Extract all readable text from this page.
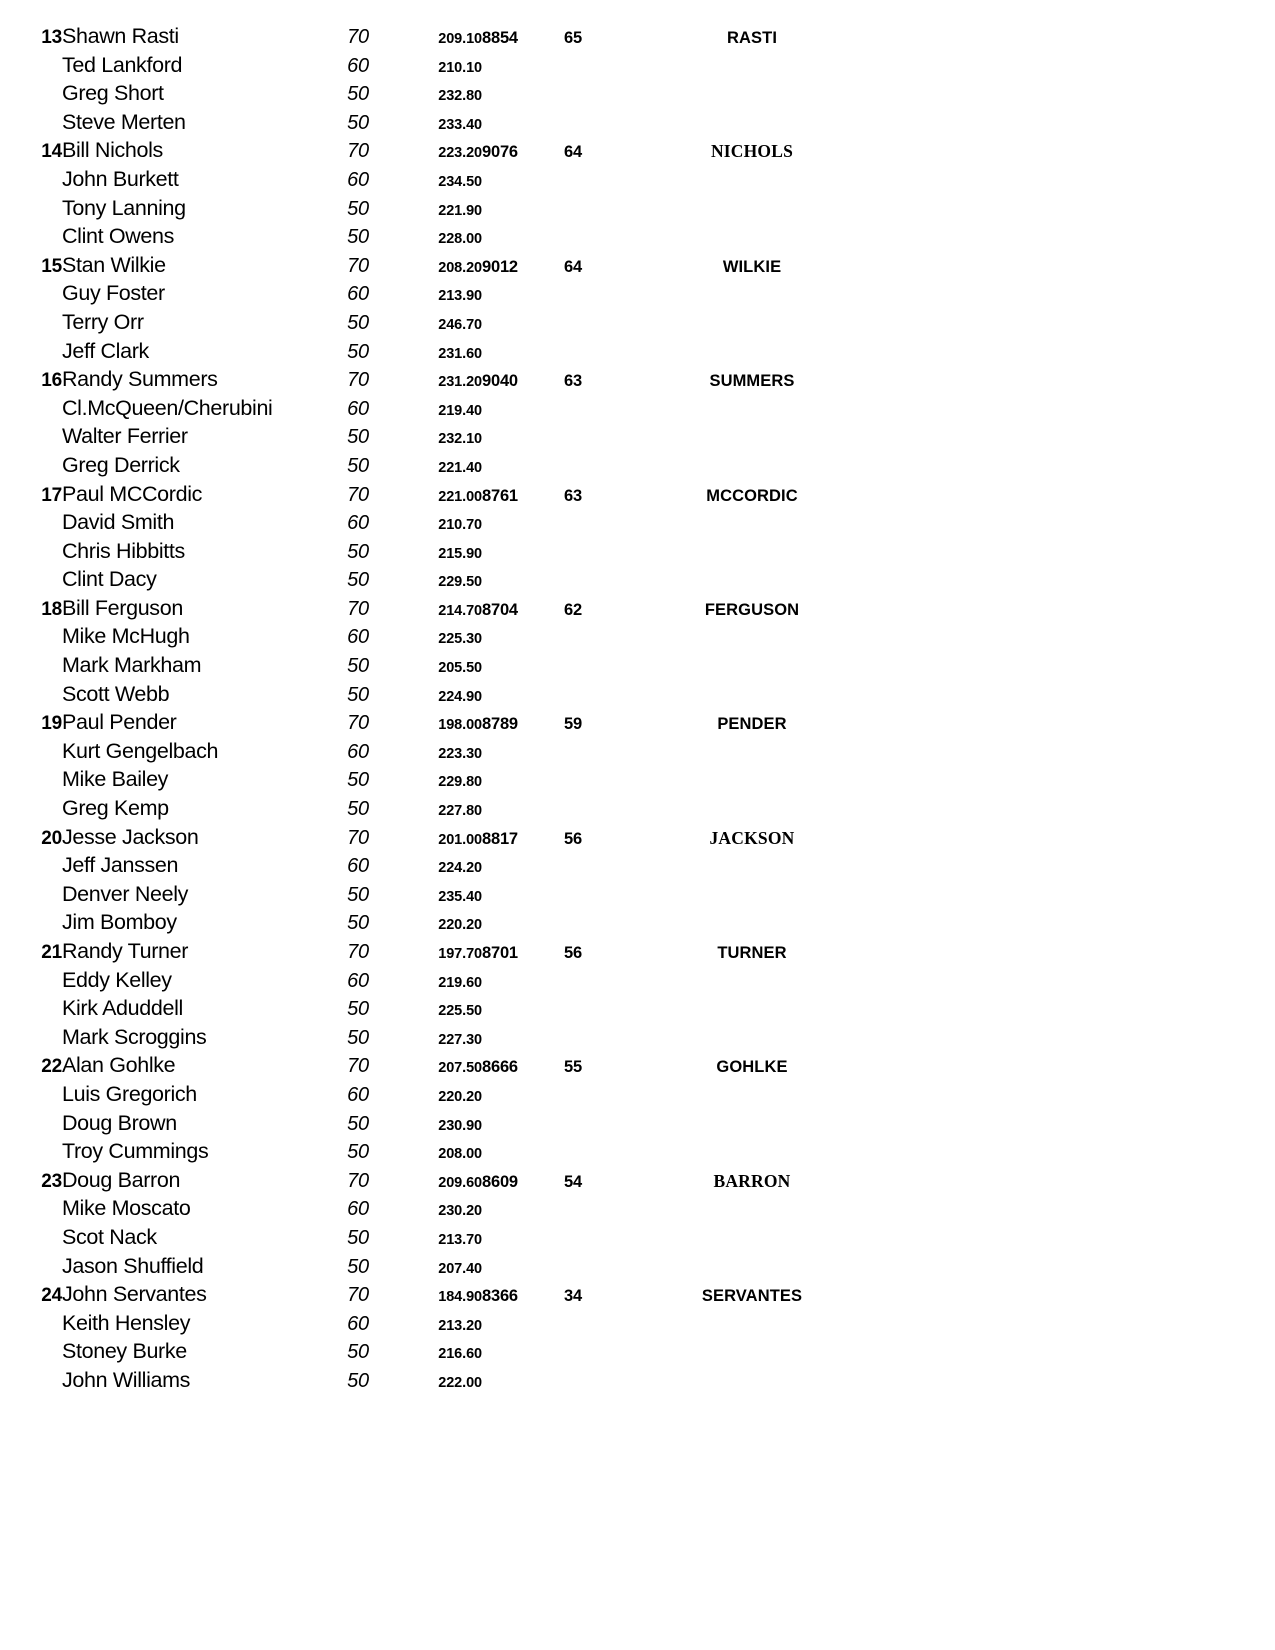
13	Shawn Rasti	70	209.10	8854	65	RASTI
	Ted Lankford	60	210.10			
	Greg Short	50	232.80			
	Steve Merten	50	233.40			
14	Bill Nichols	70	223.20	9076	64	NICHOLS
	John Burkett	60	234.50			
	Tony Lanning	50	221.90			
	Clint Owens	50	228.00			
15	Stan Wilkie	70	208.20	9012	64	WILKIE
	Guy Foster	60	213.90			
	Terry Orr	50	246.70			
	Jeff Clark	50	231.60			
16	Randy Summers	70	231.20	9040	63	SUMMERS
	Cl.McQueen/Cherubini	60	219.40			
	Walter Ferrier	50	232.10			
	Greg Derrick	50	221.40			
17	Paul MCCordic	70	221.00	8761	63	MCCORDIC
	David Smith	60	210.70			
	Chris Hibbitts	50	215.90			
	Clint Dacy	50	229.50			
18	Bill Ferguson	70	214.70	8704	62	FERGUSON
	Mike McHugh	60	225.30			
	Mark Markham	50	205.50			
	Scott Webb	50	224.90			
19	Paul Pender	70	198.00	8789	59	PENDER
	Kurt Gengelbach	60	223.30			
	Mike Bailey	50	229.80			
	Greg Kemp	50	227.80			
20	Jesse Jackson	70	201.00	8817	56	JACKSON
	Jeff Janssen	60	224.20			
	Denver Neely	50	235.40			
	Jim Bomboy	50	220.20			
21	Randy Turner	70	197.70	8701	56	TURNER
	Eddy Kelley	60	219.60			
	Kirk Aduddell	50	225.50			
	Mark Scroggins	50	227.30			
22	Alan Gohlke	70	207.50	8666	55	GOHLKE
	Luis Gregorich	60	220.20			
	Doug Brown	50	230.90			
	Troy Cummings	50	208.00			
23	Doug Barron	70	209.60	8609	54	BARRON
	Mike Moscato	60	230.20			
	Scot Nack	50	213.70			
	Jason Shuffield	50	207.40			
24	John Servantes	70	184.90	8366	34	SERVANTES
	Keith Hensley	60	213.20			
	Stoney Burke	50	216.60			
	John Williams	50	222.00			
